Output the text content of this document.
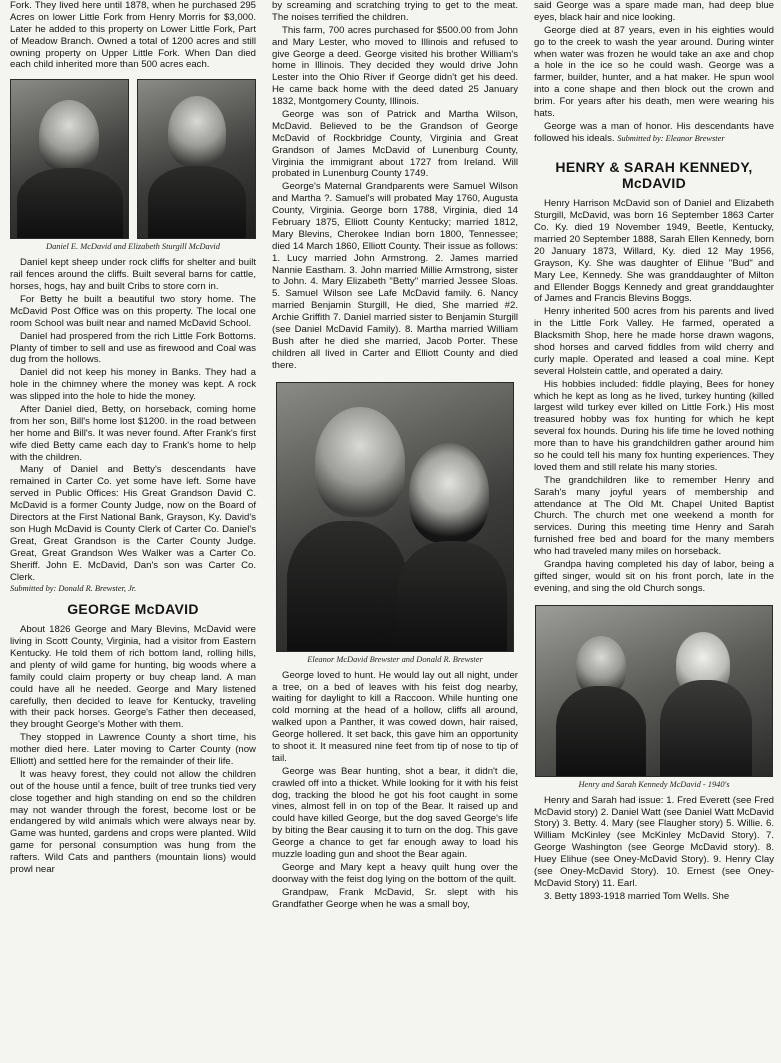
Fork. They lived here until 1878, when he purchased 295 Acres on lower Little Fork from Henry Morris for $3,000. Later he added to this property on Lower Little Fork, Part of Meadow Branch. Owned a total of 1200 acres and still owning property on Upper Little Fork. When Dan died each child inherited more than 500 acres each.

Daniel E. McDavid and Elizabeth Sturgill McDavid

Daniel kept sheep under rock cliffs for shelter and built rail fences around the cliffs. Built several barns for cattle, horses, hogs, hay and built Cribs to store corn in.

For Betty he built a beautiful two story home. The McDavid Post Office was on this property. The local one room School was built near and named McDavid School.

Daniel had prospered from the rich Little Fork Bottoms. Planty of timber to sell and use as firewood and Coal was dug from the hollows.

Daniel did not keep his money in Banks. They had a hole in the chimney where the money was kept. A rock was slipped into the hole to hide the money.

After Daniel died, Betty, on horseback, coming home from her son, Bill's home lost $1200. in the road between her home and Bill's. It was never found. After Frank's first wife died Betty came each day to Frank's home to help with the children.

Many of Daniel and Betty's descendants have remained in Carter Co. yet some have left. Some have served in Public Offices: His Great Grandson David C. McDavid is a former County Judge, now on the Board of Directors at the First National Bank, Grayson, Ky. David's son Hugh McDavid is County Clerk of Carter Co. Daniel's Great, Great Grandson is the Carter County Judge. Great, Great Grandson Wes Walker was a Carter Co. Sheriff. John E. McDavid, Dan's son was Carter Co. Clerk.

Submitted by: Donald R. Brewster, Jr.
GEORGE McDAVID

About 1826 George and Mary Blevins, McDavid were living in Scott County, Virginia, had a visitor from Eastern Kentucky. He told them of rich bottom land, rolling hills, and plenty of wild game for hunting, big woods where a family could claim property or buy cheap land. A man could have all he needed. George and Mary listened carefully, then decided to leave for Kentucky, traveling with their pack horses. George's Father then deceased, they brought George's Mother with them.

They stopped in Lawrence County a short time, his mother died here. Later moving to Carter County (now Elliott) and settled here for the remainder of their life.

It was heavy forest, they could not allow the children out of the house until a fence, built of tree trunks tied very close together and high standing on end so the children may not wander through the forest, become lost or be endangered by wild animals which were always near by. Game was hunted, gardens and crops were planted. Wild game for personal consumption was hung from the rafters. Wild Cats and panthers (mountain lions) would prowl near

by screaming and scratching trying to get to the meat. The noises terrified the children.

This farm, 700 acres purchased for $500.00 from John and Mary Lester, who moved to Illinois and refused to give George a deed. George visited his brother William's home in Illinois. They decided they would drive John Lester into the Ohio River if George didn't get his deed. He came back home with the deed dated 25 January 1832, Montgomery County, Illinois.

George was son of Patrick and Martha Wilson, McDavid. Believed to be the Grandson of George McDavid of Rockbridge County, Virginia and Great Grandson of James McDavid of Lunenburg County, Virginia the immigrant about 1727 from Ireland. Will probated in Lunenburg County 1749.

George's Maternal Grandparents were Samuel Wilson and Martha ?. Samuel's will probated May 1760, Augusta County, Virginia. George born 1788, Virginia, died 14 February 1875, Elliott County Kentucky; married 1812, Mary Blevins, Cherokee Indian born 1800, Tennessee; died 14 March 1860, Elliott County. Their issue as follows: 1. Lucy married John Armstrong. 2. James married Nannie Eastham. 3. John married Millie Armstrong, sister to John. 4. Mary Elizabeth "Betty" married Jessee Sloas. 5. Samuel Wilson see Lafe McDavid family. 6. Nancy married Benjamin Sturgill, He died, She married #2. Archie Griffith 7. Daniel married sister to Benjamin Sturgill (see Daniel McDavid Family). 8. Martha married William Bush after he died she married, Jacob Porter. These children all lived in Carter and Elliott County and died there.

Eleanor McDavid Brewster and Donald R. Brewster

George loved to hunt. He would lay out all night, under a tree, on a bed of leaves with his feist dog nearby, waiting for daylight to kill a Raccoon. While hunting one cold morning at the head of a hollow, cliffs all around, walked upon a Panther, it was cowed down, hair raised, George hollered. It set back, this gave him an opportunity to shoot it. It measured nine feet from tip of nose to tip of tail.

George was Bear hunting, shot a bear, it didn't die, crawled off into a thicket. While looking for it with his feist dog, tracking the blood he got his foot caught in some vines, almost fell in on top of the Bear. It raised up and could have killed George, but the dog saved George's life by biting the Bear causing it to turn on the dog. This gave George a chance to get far enough away to load his muzzle loading gun and shoot the Bear again.

George and Mary kept a heavy quilt hung over the doorway with the feist dog lying on the bottom of the quilt.

Grandpaw, Frank McDavid, Sr. slept with his Grandfather George when he was a small boy,

said George was a spare made man, had deep blue eyes, black hair and nice looking.

George died at 87 years, even in his eighties would go to the creek to wash the year around. During winter when water was frozen he would take an axe and chop a hole in the ice so he could wash. George was a farmer, builder, hunter, and a hat maker. He spun wool into a cone shape and then block out the crown and brim. For years after his death, men were wearing his hats.

George was a man of honor. His descendants have followed his ideals. Submitted by: Eleanor Brewster

HENRY & SARAH KENNEDY,
McDAVID

Henry Harrison McDavid son of Daniel and Elizabeth Sturgill, McDavid, was born 16 September 1863 Carter Co. Ky. died 19 November 1949, Beetle, Kentucky, married 20 September 1888, Sarah Ellen Kennedy, born 20 January 1873, Willard, Ky. died 12 May 1956, Grayson, Ky. She was daughter of Elihue "Bud" and Mary Lee, Kennedy. She was granddaughter of Milton and Ellender Boggs Kennedy and great granddaughter of James and Francis Blevins Boggs.

Henry inherited 500 acres from his parents and lived in the Little Fork Valley. He farmed, operated a Blacksmith Shop, here he made horse drawn wagons, shod horses and carved fiddles from wild cherry and curly maple. Operated and leased a coal mine. Kept several Holstein cattle, and operated a dairy.

His hobbies included: fiddle playing, Bees for honey which he kept as long as he lived, turkey hunting (killed largest wild turkey ever killed on Little Fork.) His most treasured hobby was fox hunting for which he kept several fox hounds. During his life time he loved nothing more than to have his grandchildren gather around him so he could tell his many fox hunting experiences. They loved them and still relate his many stories.

The grandchildren like to remember Henry and Sarah's many joyful years of membership and attendance at The Old Mt. Chapel United Baptist Church. The church met one weekend a month for services. During this meeting time Henry and Sarah furnished free bed and board for the many members who had traveled many miles on horseback.

Grandpa having completed his day of labor, being a gifted singer, would sit on his front porch, late in the evening, and sing the old Church songs.

Henry and Sarah Kennedy McDavid - 1940's

Henry and Sarah had issue: 1. Fred Everett (see Fred McDavid story) 2. Daniel Watt (see Daniel Watt McDavid Story) 3. Betty. 4. Mary (see Flaugher story) 5. Willie. 6. William McKinley (see McKinley McDavid Story). 7. George Washington (see George McDavid story). 8. Huey Elihue (see Oney-McDavid Story). 9. Henry Clay (see Oney-McDavid Story). 10. Ernest (see Oney-McDavid Story) 11. Earl.

3. Betty 1893-1918 married Tom Wells. She
